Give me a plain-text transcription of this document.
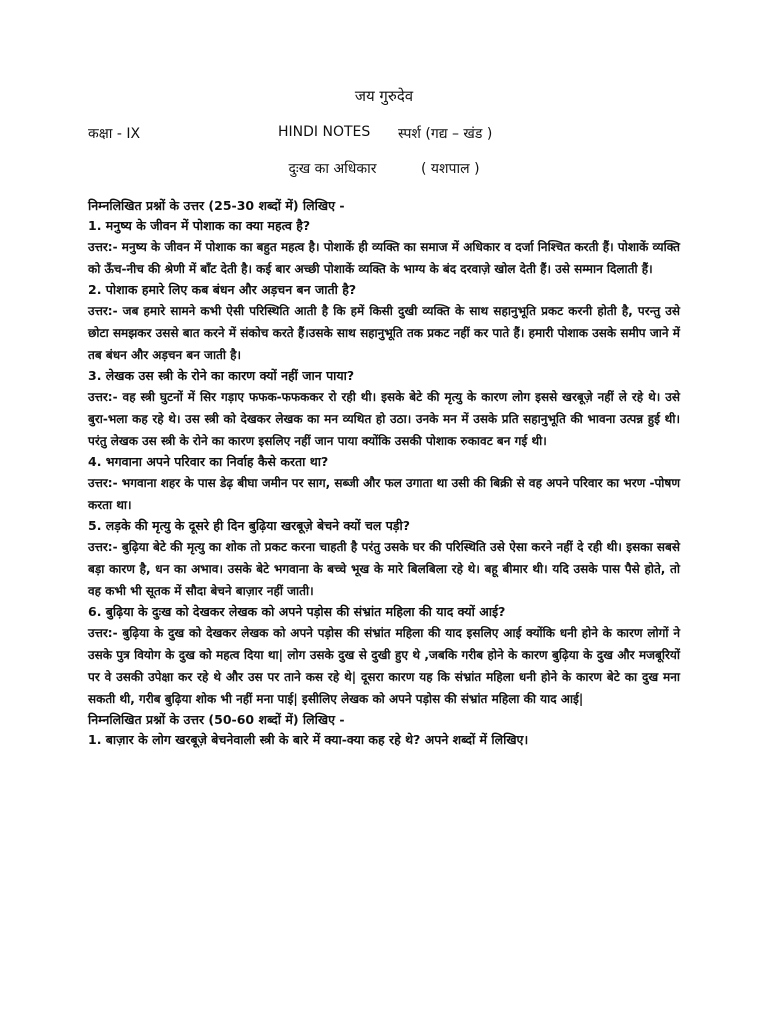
जय गुरुदेव
कक्षा - IX	HINDI NOTES	स्पर्श (गद्य – खंड )
दुःख का अधिकार	( यशपाल )

निम्नलिखित प्रश्नों के उत्तर (25-30 शब्दों में) लिखिए -

1. मनुष्य के जीवन में पोशाक का क्या महत्व है?

उत्तर:- मनुष्य के जीवन में पोशाक का बहुत महत्व है। पोशाकें ही व्यक्ति का समाज में अधिकार व दर्जा निश्चित करती हैं। पोशाकें व्यक्ति को ऊँच-नीच की श्रेणी में बाँट देती है। कई बार अच्छी पोशाकें व्यक्ति के भाग्य के बंद दरवाज़े खोल देती हैं। उसे सम्मान दिलाती हैं।

2. पोशाक हमारे लिए कब बंधन और अड़चन बन जाती है?

उत्तर:- जब हमारे सामने कभी ऐसी परिस्थिति आती है कि हमें किसी दुखी व्यक्ति के साथ सहानुभूति प्रकट करनी होती है, परन्तु उसे छोटा समझकर उससे बात करने में संकोच करते हैं।उसके साथ सहानुभूति तक प्रकट नहीं कर पाते हैं। हमारी पोशाक उसके समीप जाने में तब बंधन और अड़चन बन जाती है।

3. लेखक उस स्त्री के रोने का कारण क्यों नहीं जान पाया?

उत्तर:- वह स्त्री घुटनों में सिर गड़ाए फफक-फफककर रो रही थी। इसके बेटे की मृत्यु के कारण लोग इससे खरबूज़े नहीं ले रहे थे। उसे बुरा-भला कह रहे थे। उस स्त्री को देखकर लेखक का मन व्यथित हो उठा। उनके मन में उसके प्रति सहानुभूति की भावना उत्पन्न हुई थी। परंतु लेखक उस स्त्री के रोने का कारण इसलिए नहीं जान पाया क्योंकि उसकी पोशाक रुकावट बन गई थी।

4. भगवाना अपने परिवार का निर्वाह कैसे करता था?

उत्तर:- भगवाना शहर के पास डेढ़ बीघा जमीन पर साग, सब्जी और फल उगाता था उसी की बिक्री से वह अपने परिवार का भरण -पोषण करता था।

5. लड़के की मृत्यु के दूसरे ही दिन बुढ़िया खरबूज़े बेचने क्यों चल पड़ी?

उत्तर:- बुढ़िया बेटे की मृत्यु का शोक तो प्रकट करना चाहती है परंतु उसके घर की परिस्थिति उसे ऐसा करने नहीं दे रही थी। इसका सबसे बड़ा कारण है, धन का अभाव। उसके बेटे भगवाना के बच्चे भूख के मारे बिलबिला रहे थे। बहू बीमार थी। यदि उसके पास पैसे होते, तो वह कभी भी सूतक में सौदा बेचने बाज़ार नहीं जाती।

6. बुढ़िया के दुःख को देखकर लेखक को अपने पड़ोस की संभ्रांत महिला की याद क्यों आई?

उत्तर:- बुढ़िया के दुख को देखकर लेखक को अपने पड़ोस की संभ्रांत महिला की याद इसलिए आई क्योंकि धनी होने के कारण लोगों ने उसके पुत्र वियोग के दुख को महत्व दिया था| लोग उसके दुख से दुखी हुए थे ,जबकि गरीब होने के कारण बुढ़िया के दुख और मजबूरियों पर वे उसकी उपेक्षा कर रहे थे और उस पर ताने कस रहे थे| दूसरा कारण यह कि संभ्रांत महिला धनी होने के कारण बेटे का दुख मना सकती थी, गरीब बुढ़िया शोक भी नहीं मना पाई| इसीलिए लेखक को अपने पड़ोस की संभ्रांत महिला की याद आई|

निम्नलिखित प्रश्नों के उत्तर (50-60 शब्दों में) लिखिए -

1. बाज़ार के लोग खरबूज़े बेचनेवाली स्त्री के बारे में क्या-क्या कह रहे थे? अपने शब्दों में लिखिए।
